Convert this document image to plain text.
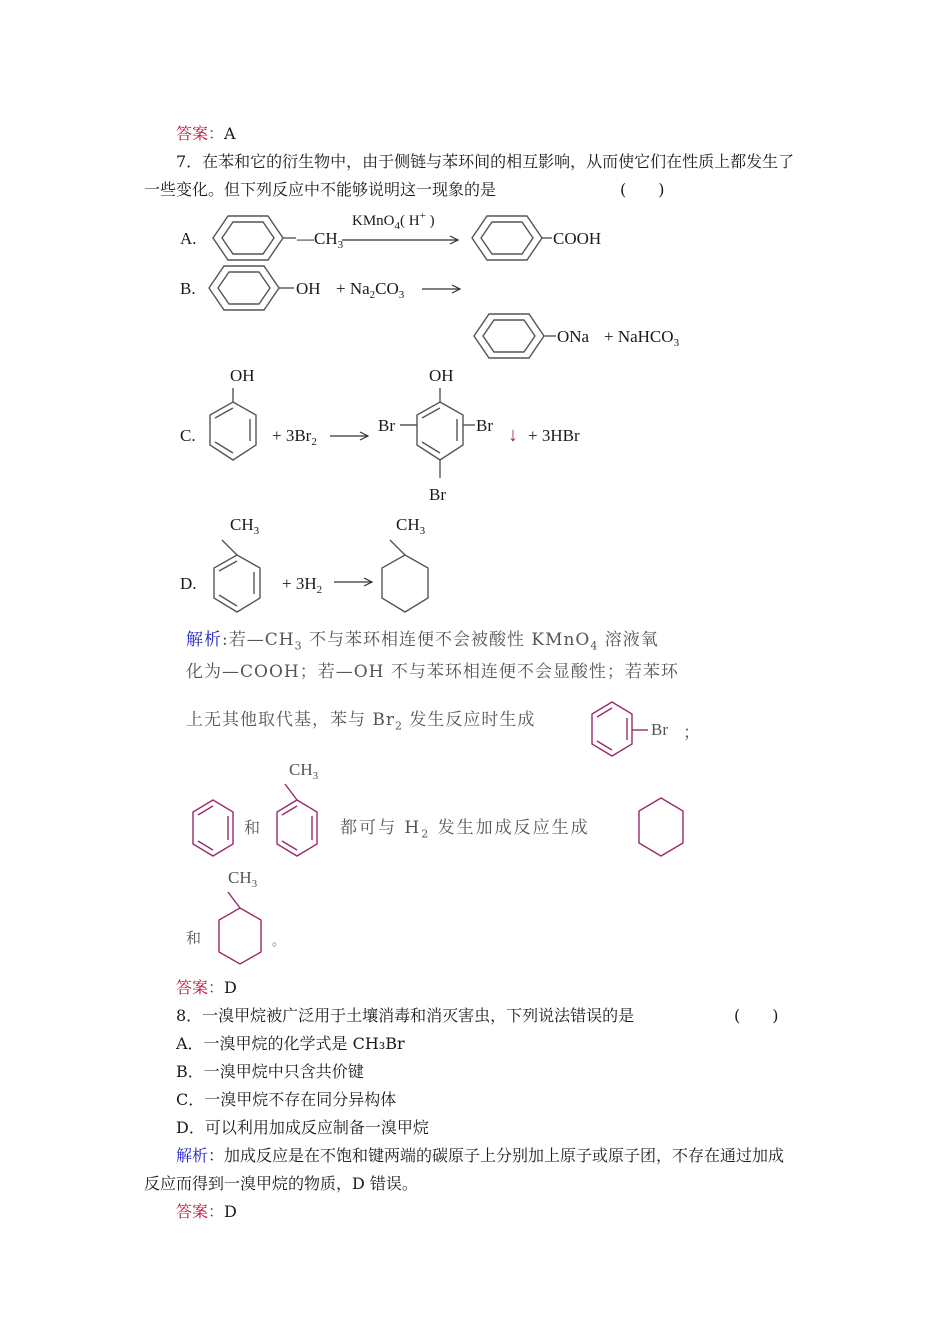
答案：A
7．在苯和它的衍生物中，由于侧链与苯环间的相互影响，从而使它们在性质上都发生了
一些变化。但下列反应中不能够说明这一现象的是	(　　)
A.	$—CH_3$
KMnO$_4$( H+ )
COOH
B.	OH + $Na_2CO_3$
ONa + NaHCO$_3$
C.
OH
+ $3Br_2$
OH
Br	Br
Br
↓ + 3HBr
D.
$CH_3$
+ $3H_2$
$CH_3$
解析:若$—CH_3$ 不与苯环相连便不会被酸性 KMnO$_4$ 溶液氧
化为—COOH；若—OH 不与苯环相连便不会显酸性；若苯环
上无其他取代基，苯与 $Br_2$ 发生反应时生成	Br ；
$CH_3$
和	都可与 $H_2$ 发生加成反应生成
$CH_3$
和	。
答案：D
8．一溴甲烷被广泛用于土壤消毒和消灭害虫，下列说法错误的是	(　　)
A．一溴甲烷的化学式是 CH₃Br
B．一溴甲烷中只含共价键
C．一溴甲烷不存在同分异构体
D．可以利用加成反应制备一溴甲烷
解析：加成反应是在不饱和键两端的碳原子上分别加上原子或原子团，不存在通过加成
反应而得到一溴甲烷的物质，D 错误。
答案：D
